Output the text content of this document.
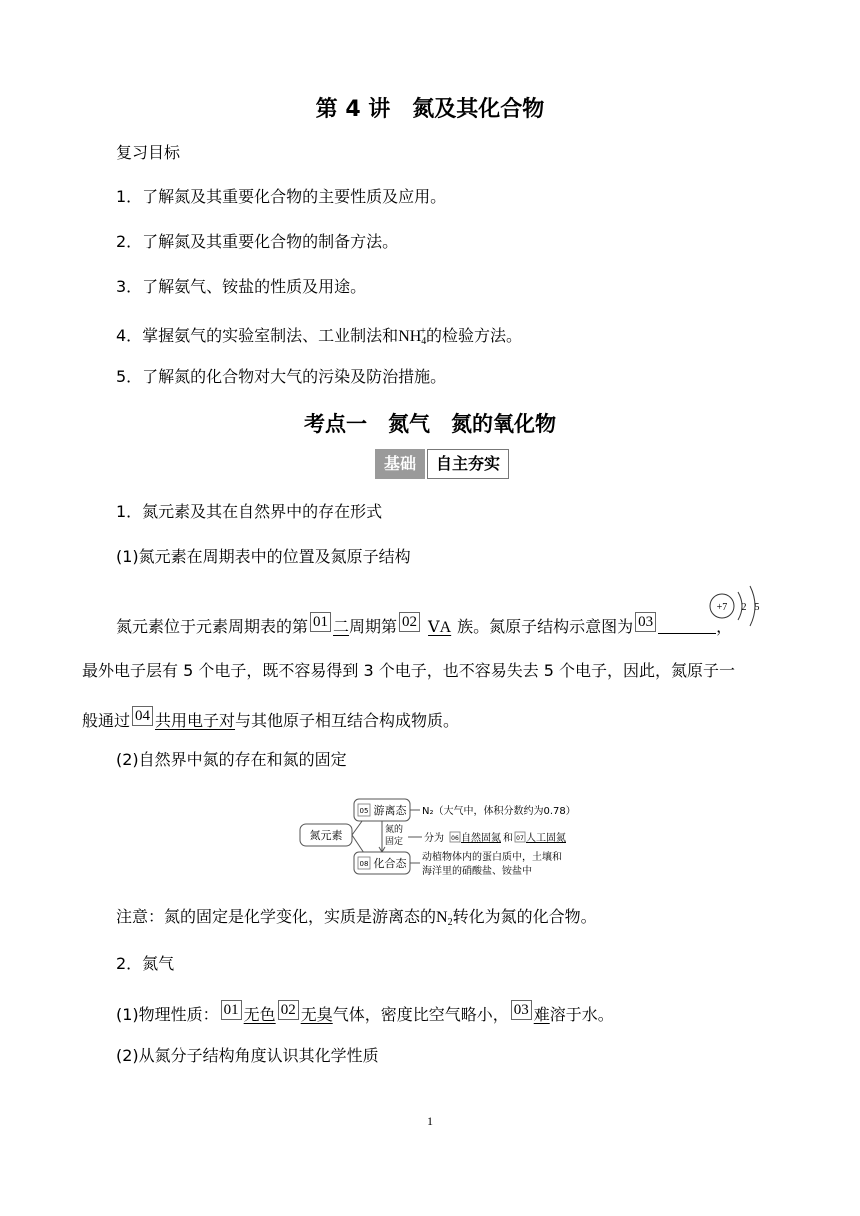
第 4 讲　氮及其化合物
复习目标
1．了解氮及其重要化合物的主要性质及应用。
2．了解氮及其重要化合物的制备方法。
3．了解氨气、铵盐的性质及用途。
4．掌握氨气的实验室制法、工业制法和$NH_4^+$的检验方法。
5．了解氮的化合物对大气的污染及防治措施。
考点一　氮气　氮的氧化物
基础	自主夯实
1．氮元素及其在自然界中的存在形式
(1)氮元素在周期表中的位置及氮原子结构
氮元素位于元素周期表的第 01 二周期第 02 ⅤA 族。氮原子结构示意图为 03	，
+7 2 5
最外电子层有 5 个电子，既不容易得到 3 个电子，也不容易失去 5 个电子，因此，氮原子一
般通过 04 共用电子对与其他原子相互结合构成物质。
(2)自然界中氮的存在和氮的固定
氮元素
05 游离态 N₂（大气中，体积分数约为0.78）
氮的
固定 分为 06 自然固氮 和 07 人工固氮
08 化合态 动植物体内的蛋白质中，土壤和
海洋里的硝酸盐、铵盐中
注意：氮的固定是化学变化，实质是游离态的$N_2$转化为氮的化合物。
2．氮气
(1)物理性质： 01 无色 02 无臭气体，密度比空气略小， 03 难溶于水。
(2)从氮分子结构角度认识其化学性质
1
